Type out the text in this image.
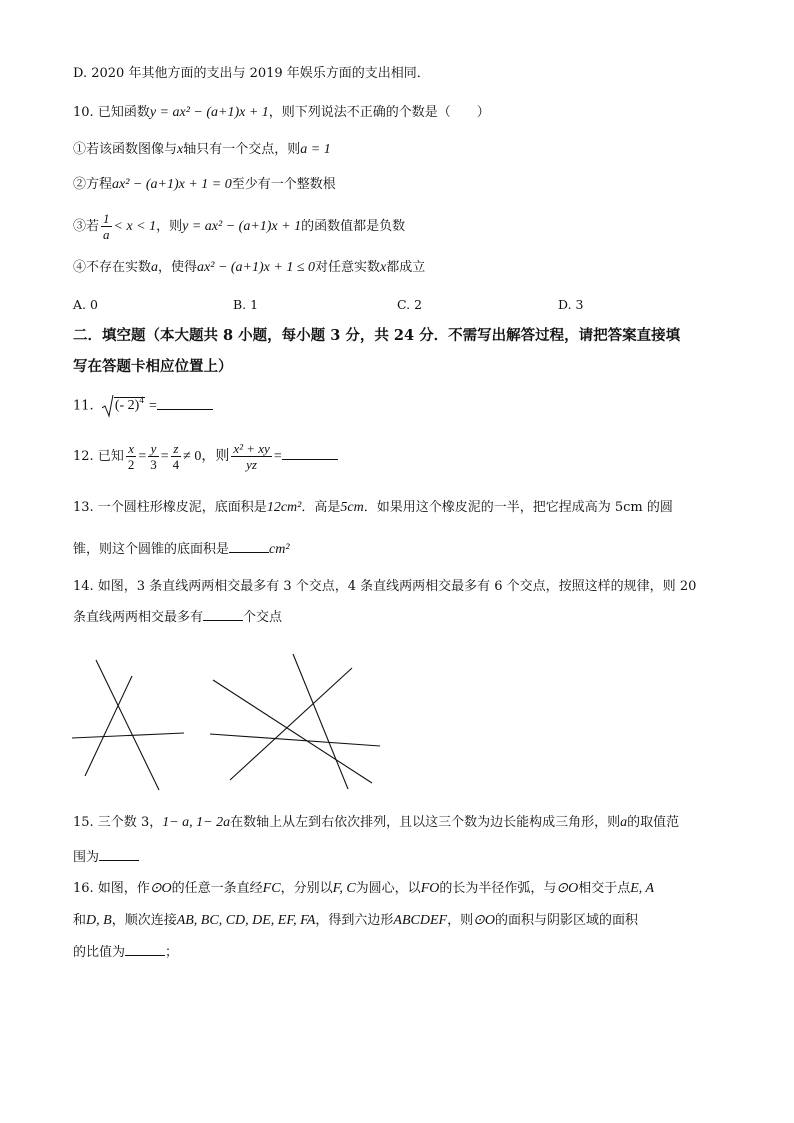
D. 2020 年其他方面的支出与 2019 年娱乐方面的支出相同．
10. 已知函数y = ax² − (a+1)x + 1，则下列说法不正确的个数是（　　）
①若该函数图像与x轴只有一个交点，则a = 1
②方程ax² − (a+1)x + 1 = 0至少有一个整数根
③若 $\frac{1}{a} < x < 1$，则y = ax² − (a+1)x + 1的函数值都是负数
④不存在实数a，使得ax² − (a+1)x + 1 ≤ 0对任意实数x都成立
A. 0	B. 1	C. 2	D. 3
二．填空题（本大题共 8 小题，每小题 3 分，共 24 分．不需写出解答过程，请把答案直接填
写在答题卡相应位置上）
11. (- 2)$^4$ =
12. 已知 $\frac{x}{2} = \frac{y}{3} = \frac{z}{4} \ne 0$，则 $\frac{\text{x² + xy}}{yz}$ =
13. 一个圆柱形橡皮泥，底面积是12cm²．高是5cm．如果用这个橡皮泥的一半，把它捏成高为 5cm 的圆
锥，则这个圆锥的底面积是	cm²
14. 如图，3 条直线两两相交最多有 3 个交点，4 条直线两两相交最多有 6 个交点，按照这样的规律，则 20
条直线两两相交最多有	个交点
15. 三个数 3，1− a, 1− 2a在数轴上从左到右依次排列，且以这三个数为边长能构成三角形，则a的取值范
围为
16. 如图，作⊙O的任意一条直经FC，分别以F, C为圆心，以FO的长为半径作弧，与⊙O相交于点E, A
和D, B，顺次连接AB, BC, CD, DE, EF, FA，得到六边形ABCDEF，则⊙O的面积与阴影区域的面积
的比值为	；
